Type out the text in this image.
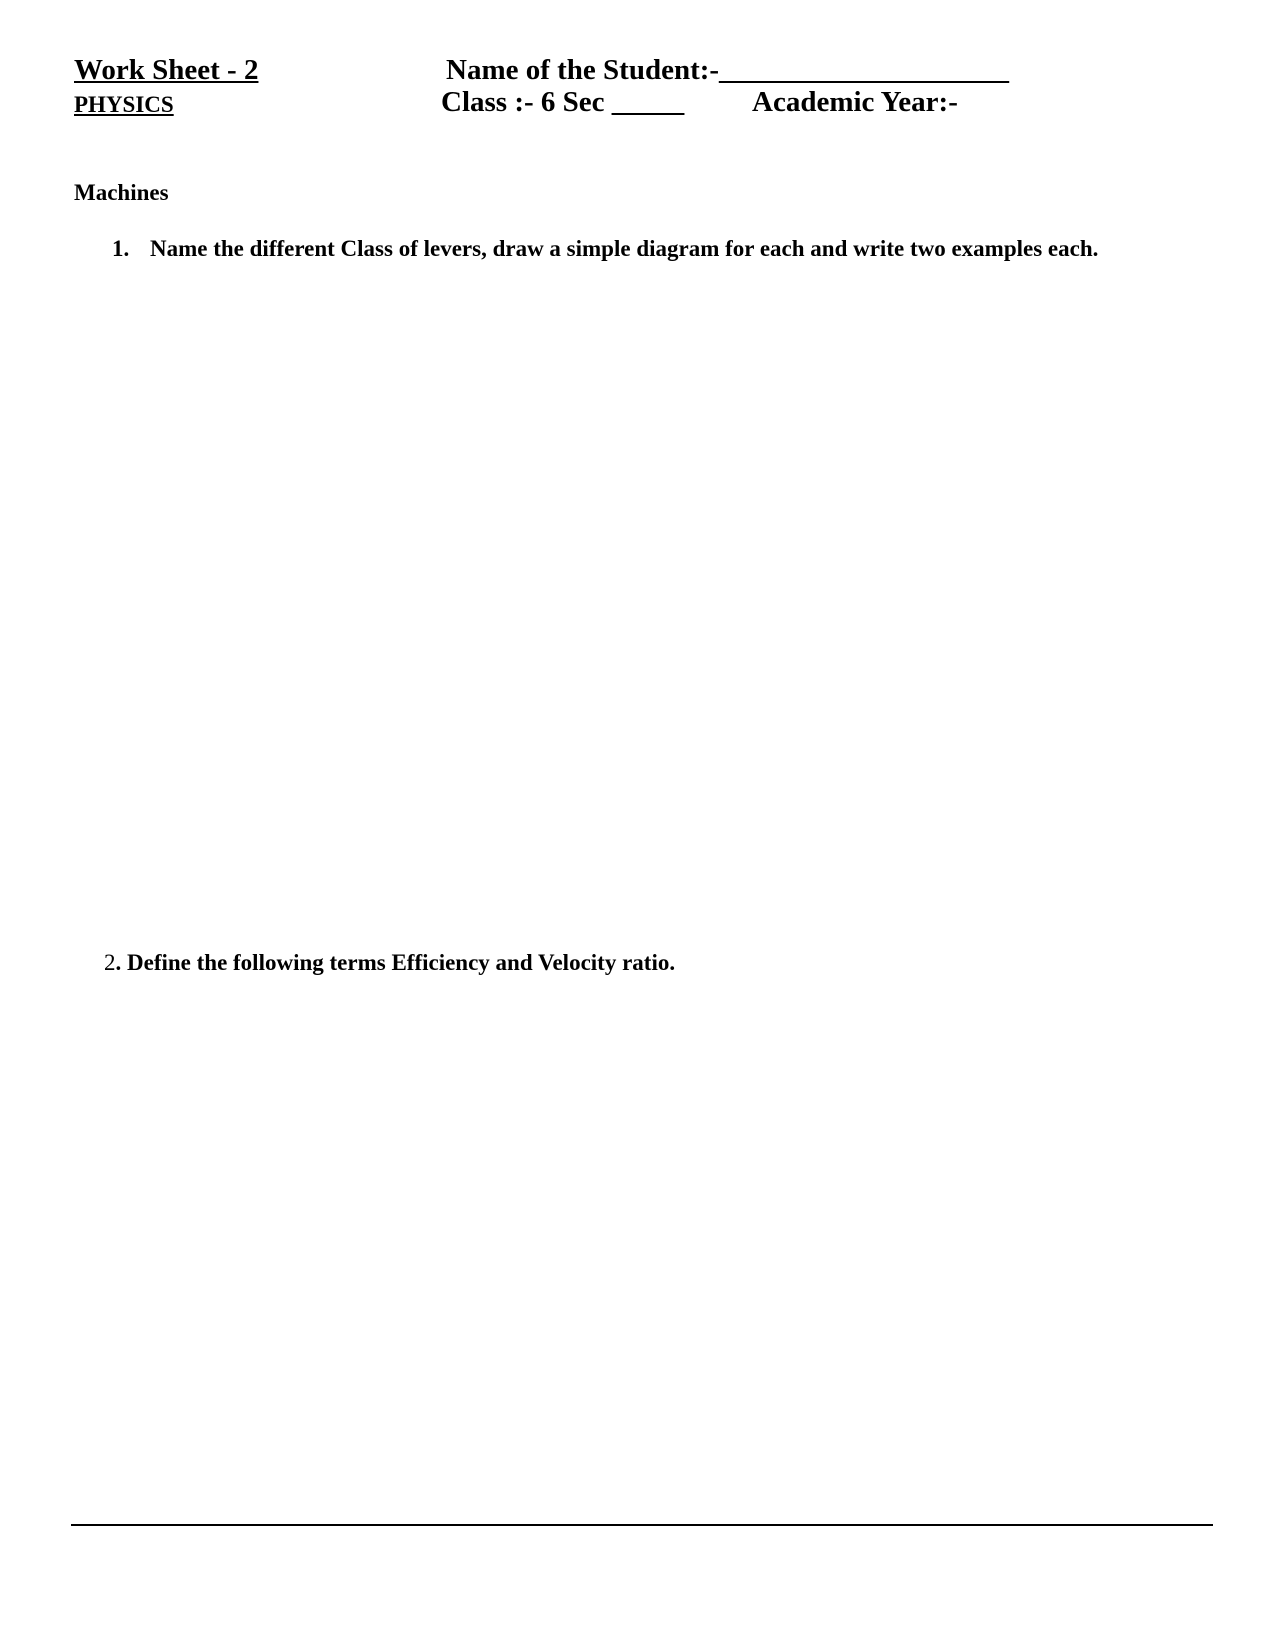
Work Sheet - 2
PHYSICS
Name of the Student:-____________________
Class :- 6 Sec _____ Academic Year:-
Machines
1. Name the different Class of levers, draw a simple diagram for each and write two examples each.
2. Define the following terms Efficiency and Velocity ratio.
